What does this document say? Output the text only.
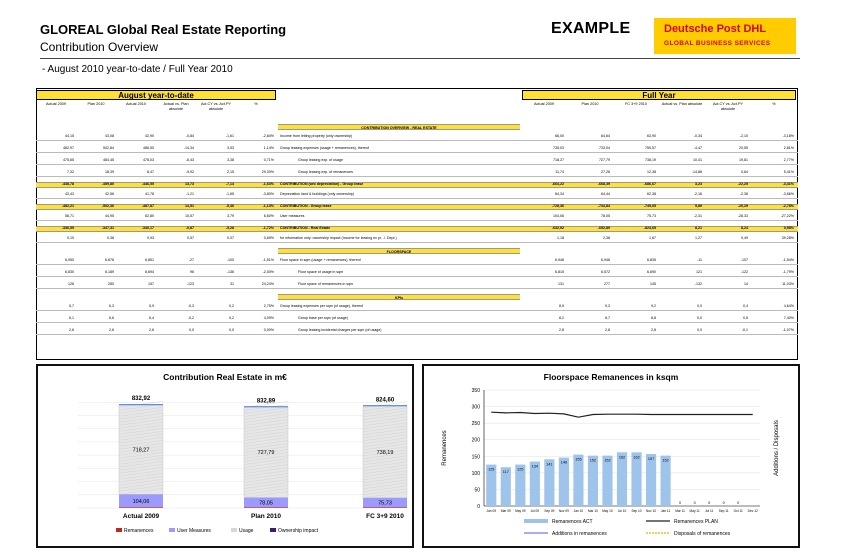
GLOREAL Global Real Estate Reporting
Contribution Overview
- August 2010 year-to-date / Full Year 2010
EXAMPLE	Deutsche Post DHL
GLOBAL BUSINESS SERVICES
August year-to-date	Full Year
Actual 2009	Plan 2010	Actual 2010	Actual vs. Plan absolute
Act.CY vs. Act.PY absolute
%	Actual 2009	Plan 2010	FC 3+9 2010	Actual vs. Plan absolute	Act.CY vs. Act.PY absolute
%
CONTRIBUTION OVERVIEW - REAL ESTATE
Income from letting property (only ownership)
44,15	43,08	42,90	-0,84	-1,61	-2,84%	66,00	64,64	63,90	-0,34	-2,10	-3,18%
Group leasing expenses (usage + remanences), thereof
482,97	502,84	486,50	-14,34	3,53	1,14%	735,03	733,04	750,57	-4,47	20,55	2,81%
Group leasing exp. of usage
475,65	484,45	478,03	-6,43	3,38	0,71%	718,27	727,79	738,19	10,41	19,81	2,77%
Group leasing exp. of remanences
7,32	18,39	8,47	-9,92	2,15	29,30%	11,74	27,26	12,38	-14,88	0,64	5,41%
CONTRIBUTION (w/o depreciation) - Group lease
-438,78	-459,80	-446,55	13,73	-7,14	-1,63%	-664,22	-668,39	-686,67	3,23	-22,25	-3,41%
Depreciation land & buildings (only ownership)
43,43	42,56	41,78	-1,21	-1,65	-3,80%	64,34	64,44	62,38	-2,16	-2,36	-3,66%
CONTRIBUTION - Group lease
-482,21	-502,36	-487,87	14,51	-5,46	-1,13%	-728,36	-734,84	-749,05	5,89	-20,29	-2,78%
User measures
58,71	44,95	62,80	15,57	3,79	6,60%	104,06	78,05	75,73	-2,31	-28,33	-27,22%
CONTRIBUTION - Real Estate
-336,55	-347,31	-340,17	-0,87	-5,28	-1,72%	-632,92	-652,89	-824,65	8,21	8,24	0,98%
for information only: ownership impact (Income for leasing ex pr. ./. Depr.)
0,10	0,38	0,93	0,57	0,07	0,69%	1,18	2,38	1,67	1,27	0,49	39,28%
FLOORSPACE
Floor space in sqm (usage + remanences), thereof
6,950	6,876	6,851	-27	-100	-1,51%	6,946	6,946	6,835	-11	-107	-1,54%
Floor space of usage in sqm
6,830	6,189	6,694	96	-136	-2,00%	6,815	6,572	6,690	121	-122	-1,79%
Floor space of remanences in sqm
126	280	157	-123	31	24,24%	131	277	145	-132	14	11,03%
KPIs
Group leasing expenses per sqm (of usage), thereof
5,7	6,3	5,9	-0,3	0,2	2,75%	8,9	9,3	9,2	0,0	0,4	4,64%
Group base per sqm (of usage)
6,1	6,6	6,4	-0,2	0,2	4,09%	8,2	8,7	8,8	0,0	0,5	7,40%
Group leasing incidental charges per sqm (of usage)
2,6	2,6	2,6	0,0	0,0	0,00%	2,8	2,8	2,8	0,0	-0,1	-1,07%
Contribution Real Estate in m€
104,06
718,27
832,92
Actual 2009
78,05
727,79
832,89
Plan 2010
75,73
738,19
824,60
FC 3+9 2010
Remanences	User Measures	Usage	Ownership impact
Floorspace Remanences in ksqm
0
50
100
150
200
250
300
350
125
117
125
134
141 146
155 152 152
162 162 157 152
0	0	0	0	0
Jan 09 Mar 09 May 09 Jul 09 Sep 09 Nov 09 Jan 10 Mar 10 May 10 Jul 10 Sep 10 Nov 10 Jan 11 Mar 11 May 11 Jul 11 Sep 11 Oct 11 Dec 12
Remanences	Additions / Disposals
Remanences ACT	Remanences PLAN
Additions in remanences	Disposals of remanences
